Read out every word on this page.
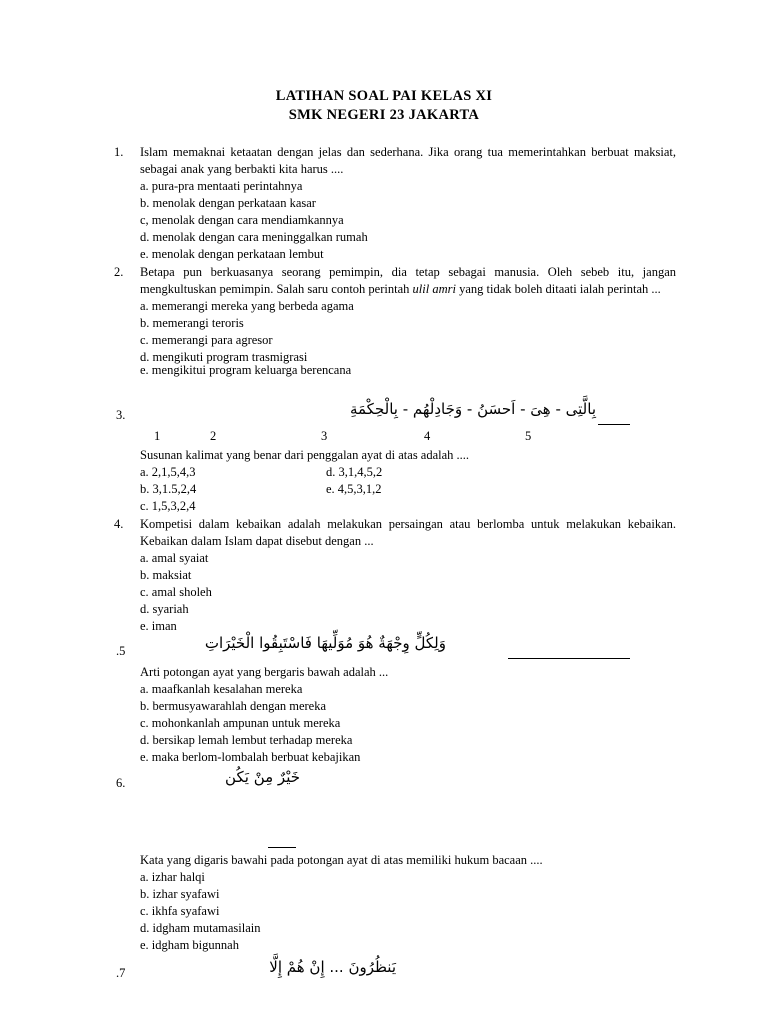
LATIHAN SOAL PAI KELAS XI
SMK NEGERI 23 JAKARTA
1. Islam memaknai ketaatan dengan jelas dan sederhana. Jika orang tua memerintahkan berbuat maksiat, sebagai anak yang berbakti kita harus ....
a. pura-pra mentaati perintahnya
b. menolak dengan perkataan kasar
c, menolak dengan cara mendiamkannya
d. menolak dengan cara meninggalkan rumah
e. menolak dengan perkataan lembut
2. Betapa pun berkuasanya seorang pemimpin, dia tetap sebagai manusia. Oleh sebeb itu, jangan mengkultuskan pemimpin. Salah saru contoh perintah ulil amri yang tidak boleh ditaati ialah perintah ...
a. memerangi mereka yang berbeda agama
b. memerangi teroris
c. memerangi para agresor
d. mengikuti program trasmigrasi
e. mengikitui program keluarga berencana
3.	بِالَّتِى - هِىَ - اَحسَنُ - وَجَادِلْهُم - بِالْحِكْمَةِ
1	2	3	4	5
Susunan kalimat yang benar dari penggalan ayat di atas adalah ....
a. 2,1,5,4,3
b. 3,1.5,2,4
c. 1,5,3,2,4
d. 3,1,4,5,2
e. 4,5,3,1,2
4. Kompetisi dalam kebaikan adalah melakukan persaingan atau berlomba untuk melakukan kebaikan. Kebaikan dalam Islam dapat disebut dengan ...
a. amal syaiat
b. maksiat
c. amal sholeh
d. syariah
e. iman
.5	وَلِكُلٍّ وِجْهَةٌ هُوَ مُوَلِّيهَا فَاسْتَبِقُوا الْخَيْرَاتِ
Arti potongan ayat yang bergaris bawah adalah ...
a. maafkanlah kesalahan mereka
b. bermusyawarahlah dengan mereka
c. mohonkanlah ampunan untuk mereka
d. bersikap lemah lembut terhadap mereka
e. maka berlom-lombalah berbuat kebajikan
6.	خَيْرٌ مِنْ يَكُن
Kata yang digaris bawahi pada potongan ayat di atas memiliki hukum bacaan ....
a. izhar halqi
b. izhar syafawi
c. ikhfa syafawi
d. idgham mutamasilain
e. idgham bigunnah
.7	يَنظُرُونَ ... إِنْ هُمْ إِلَّا
